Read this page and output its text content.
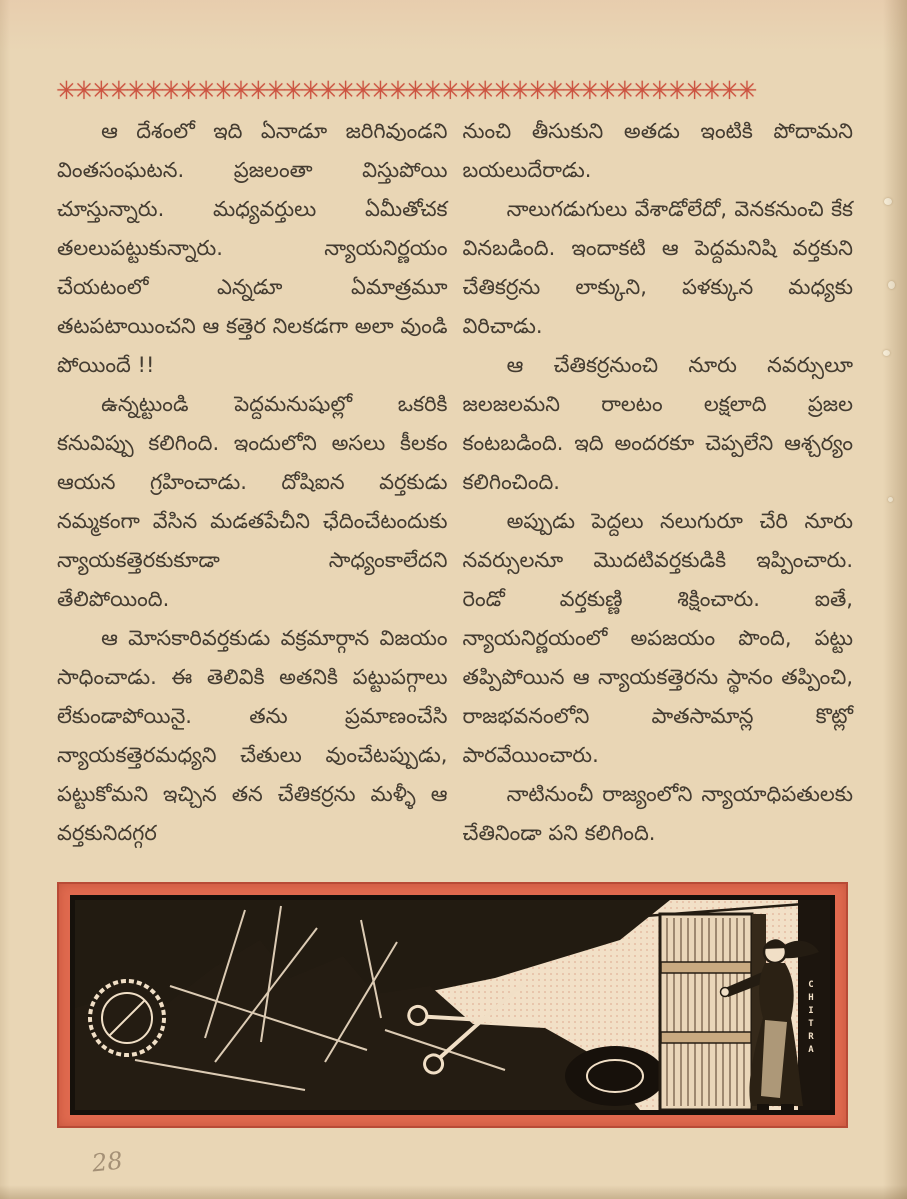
✳✳✳✳✳✳✳✳✳✳✳✳✳✳✳✳✳✳✳✳✳✳✳✳✳✳✳✳✳✳✳✳✳✳✳✳✳✳✳✳

ఆ దేశంలో ఇది ఏనాడూ జరిగివుండని వింతసంఘటన. ప్రజలంతా విస్తుపోయి చూస్తున్నారు. మధ్యవర్తులు ఏమీతోచక తలలుపట్టుకున్నారు. న్యాయనిర్ణయం చేయటంలో ఎన్నడూ ఏమాత్రమూ తటపటాయించని ఆ కత్తెర నిలకడగా అలా వుండి పోయిందే !!

ఉన్నట్టుండి పెద్దమనుషుల్లో ఒకరికి కనువిప్పు కలిగింది. ఇందులోని అసలు కీలకం ఆయన గ్రహించాడు. దోషిఐన వర్తకుడు నమ్మకంగా వేసిన మడతపేచీని ఛేదించేటందుకు న్యాయకత్తెరకుకూడా సాధ్యంకాలేదని తేలిపోయింది.

ఆ మోసకారివర్తకుడు వక్రమార్గాన విజయం సాధించాడు. ఈ తెలివికి అతనికి పట్టుపగ్గాలు లేకుండాపోయినై. తను ప్రమాణంచేసి న్యాయకత్తెరమధ్యని చేతులు వుంచేటప్పుడు, పట్టుకోమని ఇచ్చిన తన చేతికర్రను మళ్ళీ ఆ వర్తకునిదగ్గర

నుంచి తీసుకుని అతడు ఇంటికి పోదామని బయలుదేరాడు.

నాలుగడుగులు వేశాడోలేదో, వెనకనుంచి కేక వినబడింది. ఇందాకటి ఆ పెద్దమనిషి వర్తకుని చేతికర్రను లాక్కుని, పళక్కున మధ్యకు విరిచాడు.

ఆ చేతికర్రనుంచి నూరు నవర్సులూ జలజలమని రాలటం లక్షలాది ప్రజల కంటబడింది. ఇది అందరకూ చెప్పలేని ఆశ్చర్యం కలిగించింది.

అప్పుడు పెద్దలు నలుగురూ చేరి నూరు నవర్సులనూ మొదటివర్తకుడికి ఇప్పించారు. రెండో వర్తకుణ్ణి శిక్షించారు. ఐతే, న్యాయనిర్ణయంలో అపజయం పొంది, పట్టు తప్పిపోయిన ఆ న్యాయకత్తెరను స్థానం తప్పించి, రాజభవనంలోని పాతసామాన్ల కొట్లో పారవేయించారు.

నాటినుంచీ రాజ్యంలోని న్యాయాధిపతులకు చేతినిండా పని కలిగింది.

CHITRA
28
